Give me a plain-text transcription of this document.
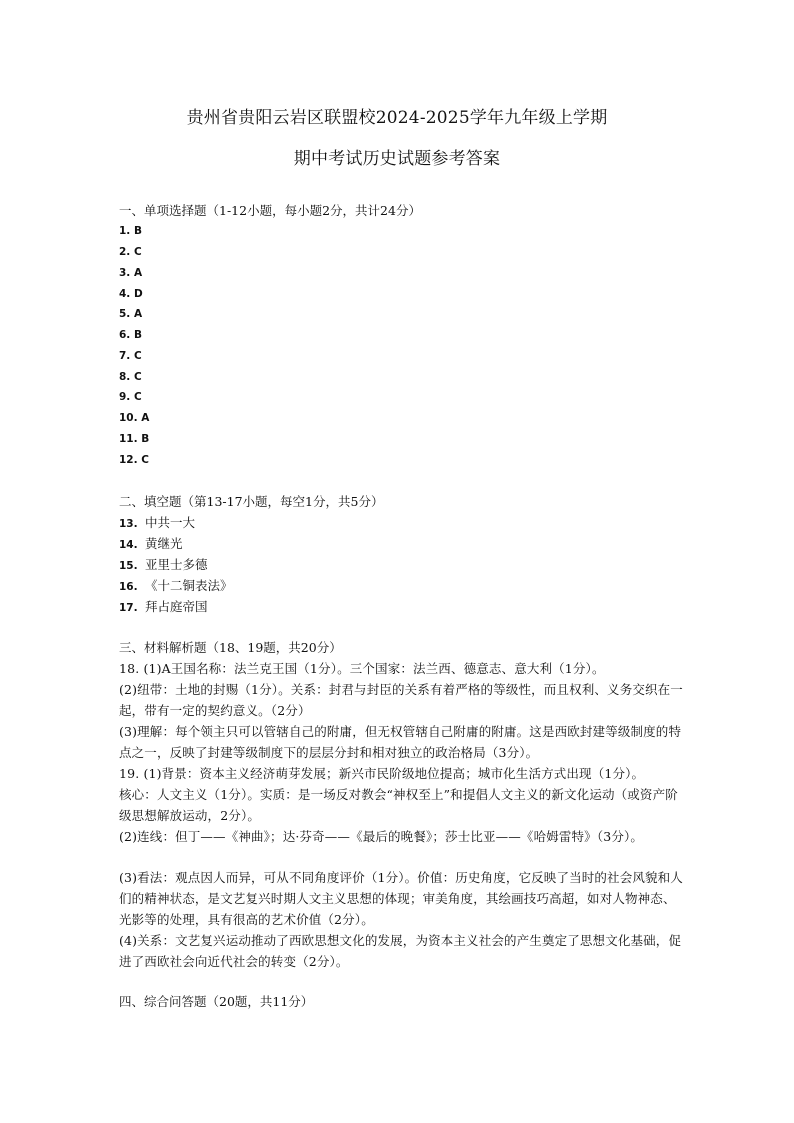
贵州省贵阳云岩区联盟校2024-2025学年九年级上学期
期中考试历史试题参考答案
一、单项选择题（1-12小题，每小题2分，共计24分）
1. B
2. C
3. A
4. D
5. A
6. B
7. C
8. C
9. C
10. A
11. B
12. C
二、填空题（第13-17小题，每空1分，共5分）
13. 中共一大
14. 黄继光
15. 亚里士多德
16. 《十二铜表法》
17. 拜占庭帝国
三、材料解析题（18、19题，共20分）
18. (1)A王国名称：法兰克王国（1分）。三个国家：法兰西、德意志、意大利（1分）。
(2)纽带：土地的封赐（1分）。关系：封君与封臣的关系有着严格的等级性，而且权利、义务交织在一起，带有一定的契约意义。（2分）
(3)理解：每个领主只可以管辖自己的附庸，但无权管辖自己附庸的附庸。这是西欧封建等级制度的特点之一，反映了封建等级制度下的层层分封和相对独立的政治格局（3分）。
19. (1)背景：资本主义经济萌芽发展；新兴市民阶级地位提高；城市化生活方式出现（1分）。
核心：人文主义（1分）。实质：是一场反对教会“神权至上”和提倡人文主义的新文化运动（或资产阶级思想解放运动，2分）。
(2)连线：但丁——《神曲》；达·芬奇——《最后的晚餐》；莎士比亚——《哈姆雷特》（3分）。
(3)看法：观点因人而异，可从不同角度评价（1分）。价值：历史角度，它反映了当时的社会风貌和人们的精神状态，是文艺复兴时期人文主义思想的体现；审美角度，其绘画技巧高超，如对人物神态、光影等的处理，具有很高的艺术价值（2分）。
(4)关系：文艺复兴运动推动了西欧思想文化的发展，为资本主义社会的产生奠定了思想文化基础，促进了西欧社会向近代社会的转变（2分）。
四、综合问答题（20题，共11分）
